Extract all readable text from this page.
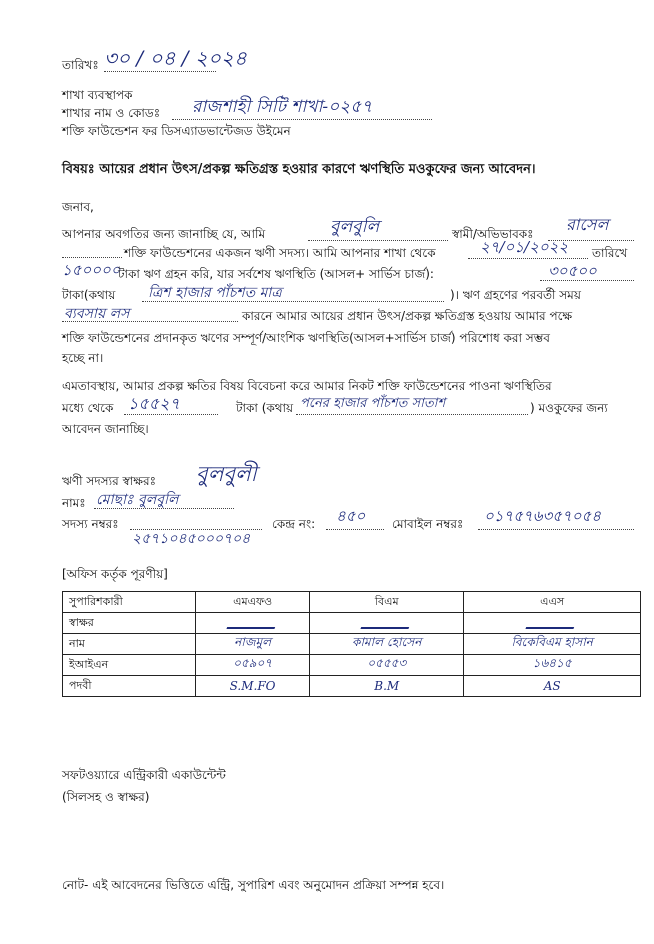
তারিখঃ ৩০ / ০৪ / ২০২৪
শাখা ব্যবস্থাপক
শাখার নাম ও কোডঃ রাজশাহী সিটি শাখা-০২৫৭
শক্তি ফাউন্ডেশন ফর ডিসএ্যাডভান্টেজড উইমেন
বিষয়ঃ আয়ের প্রধান উৎস/প্রকল্প ক্ষতিগ্রস্ত হওয়ার কারণে ঋণস্থিতি মওকুফের জন্য আবেদন।
জনাব,
আপনার অবগতির জন্য জানাচ্ছি যে, আমি	বুলবুলি	স্বামী/অভিভাবকঃ রাসেল
শক্তি ফাউন্ডেশনের একজন ঋণী সদস্য। আমি আপনার শাখা থেকে	২৭/০১/২০২২ তারিখে
১৫০০০০
টাকা ঋণ গ্রহন করি, যার সর্বশেষ ঋণস্থিতি (আসল+ সার্ভিস চার্জ):	৩০৫০০
টাকা(কথায় ত্রিশ হাজার পাঁচশত মাত্র	)। ঋণ গ্রহণের পরবর্তী সময়
ব্যবসায় লস	কারনে আমার আয়ের প্রধান উৎস/প্রকল্প ক্ষতিগ্রস্ত হওয়ায় আমার পক্ষে
শক্তি ফাউন্ডেশনের প্রদানকৃত ঋণের সম্পূর্ণ/আংশিক ঋণস্থিতি(আসল+সার্ভিস চার্জ) পরিশোধ করা সম্ভব
হচ্ছে না।
এমতাবস্থায়, আমার প্রকল্প ক্ষতির বিষয় বিবেচনা করে আমার নিকট শক্তি ফাউন্ডেশনের পাওনা ঋণস্থিতির
মধ্যে থেকে ১৫৫২৭	টাকা (কথায় পনের হাজার পাঁচশত সাতাশ	) মওকুফের জন্য
আবেদন জানাচ্ছি।
ঋণী সদস্যর স্বাক্ষরঃ বুলবুলী
নামঃ মোছাঃ বুলবুলি
সদস্য নম্বরঃ
২৫৭১০৪৫০০০৭০৪
কেন্দ্র নং: ৪৫০ মোবাইল নম্বরঃ ০১৭৫৭৬৩৫৭০৫৪
[অফিস কর্তৃক পূরণীয়]
সুপারিশকারী	এমএফও	বিএম	এএস
স্বাক্ষর			
নাম	নাজমুল	কামাল হোসেন	বিকেবিএম হাসান
ইআইএন	০৫৯০৭	০৫৫৫৩	১৬৪১৫
পদবী	S.M.FO	B.M	AS
সফটওয়্যারে এন্ট্রিকারী একাউন্টেন্ট
(সিলসহ ও স্বাক্ষর)
নোট- এই আবেদনের ভিত্তিতে এন্ট্রি, সুপারিশ এবং অনুমোদন প্রক্রিয়া সম্পন্ন হবে।
